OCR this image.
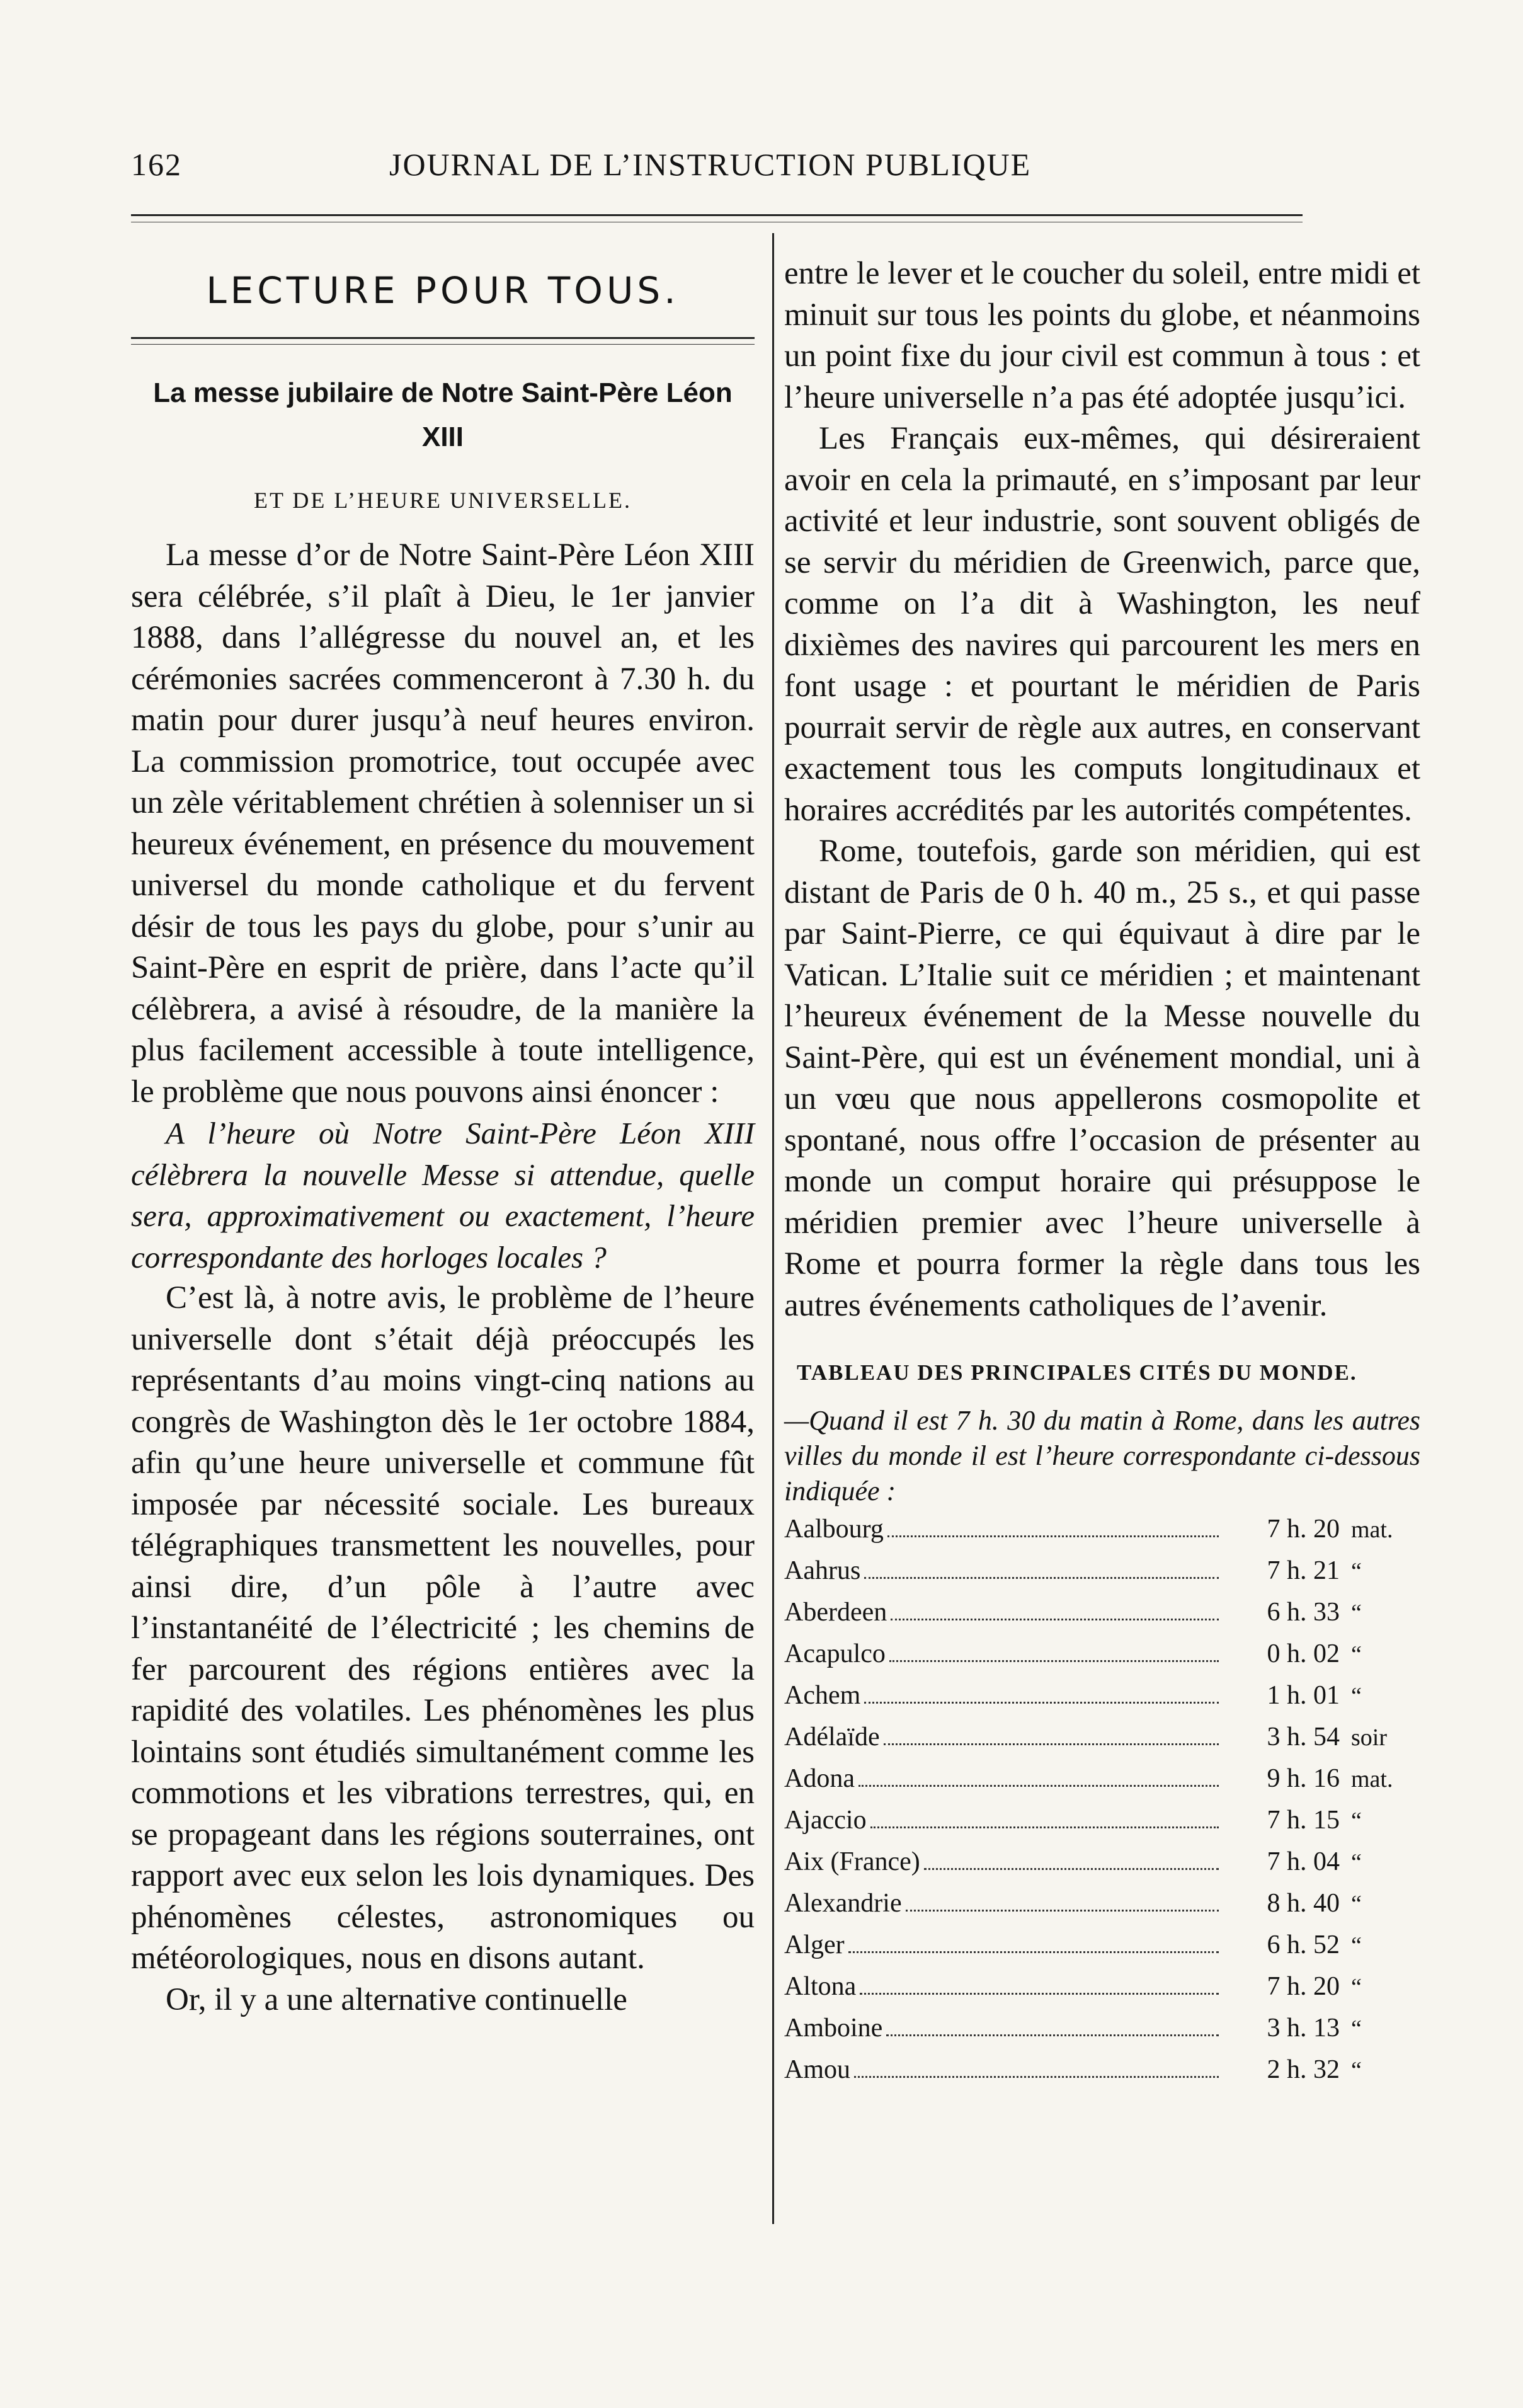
162	JOURNAL DE L’INSTRUCTION PUBLIQUE
LECTURE POUR TOUS.
La messe jubilaire de Notre Saint-Père Léon XIII
ET DE L’HEURE UNIVERSELLE.

La messe d’or de Notre Saint-Père Léon XIII sera célébrée, s’il plaît à Dieu, le 1er janvier 1888, dans l’allégresse du nouvel an, et les cérémonies sacrées commenceront à 7.30 h. du matin pour durer jusqu’à neuf heures environ. La commission promotrice, tout occupée avec un zèle véritablement chrétien à solenniser un si heureux événement, en présence du mouvement universel du monde catholique et du fervent désir de tous les pays du globe, pour s’unir au Saint-Père en esprit de prière, dans l’acte qu’il célèbrera, a avisé à résoudre, de la manière la plus facilement accessible à toute intelligence, le problème que nous pouvons ainsi énoncer :

A l’heure où Notre Saint-Père Léon XIII célèbrera la nouvelle Messe si attendue, quelle sera, approximativement ou exactement, l’heure correspondante des horloges locales ?

C’est là, à notre avis, le problème de l’heure universelle dont s’était déjà préoccupés les représentants d’au moins vingt-cinq nations au congrès de Washington dès le 1er octobre 1884, afin qu’une heure universelle et commune fût imposée par nécessité sociale. Les bureaux télégraphiques transmettent les nouvelles, pour ainsi dire, d’un pôle à l’autre avec l’instantanéité de l’électricité ; les chemins de fer parcourent des régions entières avec la rapidité des volatiles. Les phénomènes les plus lointains sont étudiés simultanément comme les commotions et les vibrations terrestres, qui, en se propageant dans les régions souterraines, ont rapport avec eux selon les lois dynamiques. Des phénomènes célestes, astronomiques ou météorologiques, nous en disons autant.

Or, il y a une alternative continuelle

entre le lever et le coucher du soleil, entre midi et minuit sur tous les points du globe, et néanmoins un point fixe du jour civil est commun à tous : et l’heure universelle n’a pas été adoptée jusqu’ici.

Les Français eux-mêmes, qui désireraient avoir en cela la primauté, en s’imposant par leur activité et leur industrie, sont souvent obligés de se servir du méridien de Greenwich, parce que, comme on l’a dit à Washington, les neuf dixièmes des navires qui parcourent les mers en font usage : et pourtant le méridien de Paris pourrait servir de règle aux autres, en conservant exactement tous les computs longitudinaux et horaires accrédités par les autorités compétentes.

Rome, toutefois, garde son méridien, qui est distant de Paris de 0 h. 40 m., 25 s., et qui passe par Saint-Pierre, ce qui équivaut à dire par le Vatican. L’Italie suit ce méridien ; et maintenant l’heureux événement de la Messe nouvelle du Saint-Père, qui est un événement mondial, uni à un vœu que nous appellerons cosmopolite et spontané, nous offre l’occasion de présenter au monde un comput horaire qui présuppose le méridien premier avec l’heure universelle à Rome et pourra former la règle dans tous les autres événements catholiques de l’avenir.

TABLEAU DES PRINCIPALES CITÉS DU MONDE.

—Quand il est 7 h. 30 du matin à Rome, dans les autres villes du monde il est l’heure correspondante ci-dessous indiquée :

Aalbourg	7 h. 20 mat.
Aahrus	7 h. 21 “
Aberdeen	6 h. 33 “
Acapulco	0 h. 02 “
Achem	1 h. 01 “
Adélaïde	3 h. 54 soir
Adona	9 h. 16 mat.
Ajaccio	7 h. 15 “
Aix (France)	7 h. 04 “
Alexandrie	8 h. 40 “
Alger	6 h. 52 “
Altona	7 h. 20 “
Amboine	3 h. 13 “
Amou	2 h. 32 “
